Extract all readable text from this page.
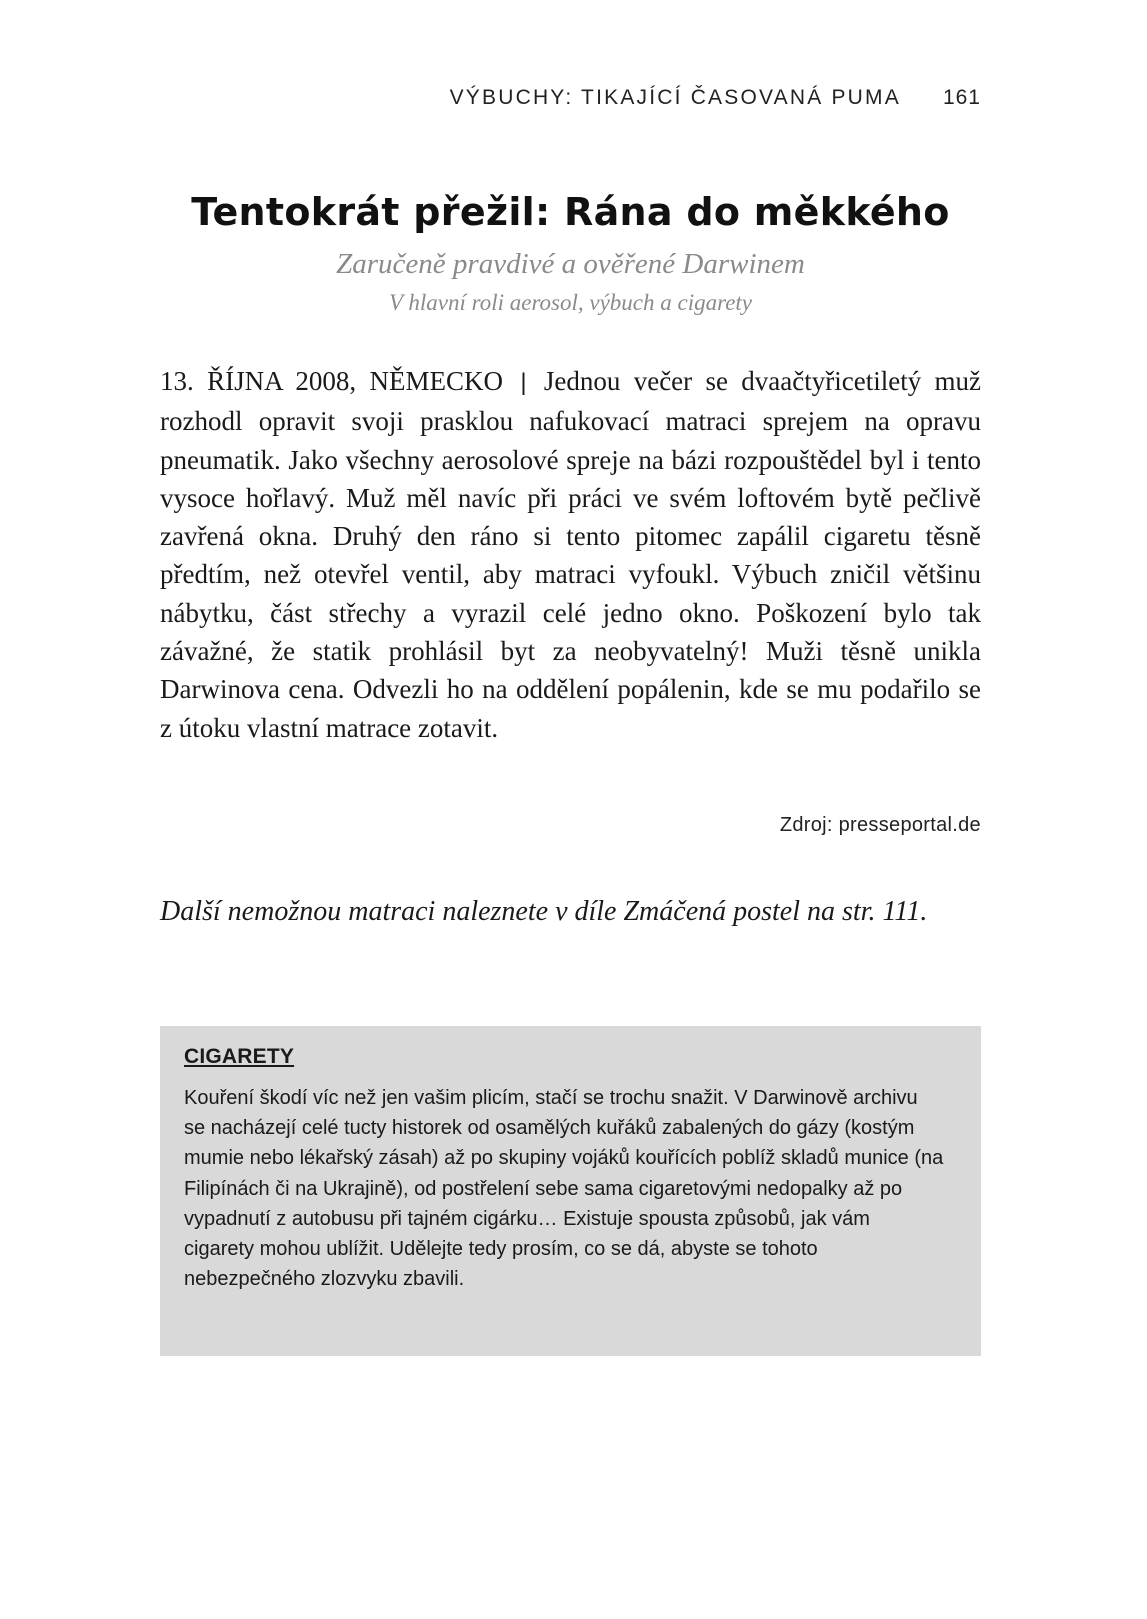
VÝBUCHY: TIKAJÍCÍ ČASOVANÁ PUMA 161
Tentokrát přežil: Rána do měkkého
Zaručeně pravdivé a ověřené Darwinem
V hlavní roli aerosol, výbuch a cigarety
13. ŘÍJNA 2008, NĚMECKO | Jednou večer se dvaačtyřicetiletý muž rozhodl opravit svoji prasklou nafukovací matraci sprejem na opravu pneumatik. Jako všechny aerosolové spreje na bázi rozpouštědel byl i tento vysoce hořlavý. Muž měl navíc při práci ve svém loftovém bytě pečlivě zavřená okna. Druhý den ráno si tento pitomec zapálil cigaretu těsně předtím, než otevřel ventil, aby matraci vyfoukl. Výbuch zničil většinu nábytku, část střechy a vyrazil celé jedno okno. Poškození bylo tak závažné, že statik prohlásil byt za neobyvatelný! Muži těsně unikla Darwinova cena. Odvezli ho na oddělení popálenin, kde se mu podařilo se z útoku vlastní matrace zotavit.
Zdroj: presseportal.de
Další nemožnou matraci naleznete v díle Zmáčená postel na str. 111.
CIGARETY
Kouření škodí víc než jen vašim plicím, stačí se trochu snažit. V Darwinově archivu se nacházejí celé tucty historek od osamělých kuřáků zabalených do gázy (kostým mumie nebo lékařský zásah) až po skupiny vojáků kouřících poblíž skladů munice (na Filipínách či na Ukrajině), od postřelení sebe sama cigaretovými nedopalky až po vypadnutí z autobusu při tajném cigárku… Existuje spousta způsobů, jak vám cigarety mohou ublížit. Udělejte tedy prosím, co se dá, abyste se tohoto nebezpečného zlozvyku zbavili.
